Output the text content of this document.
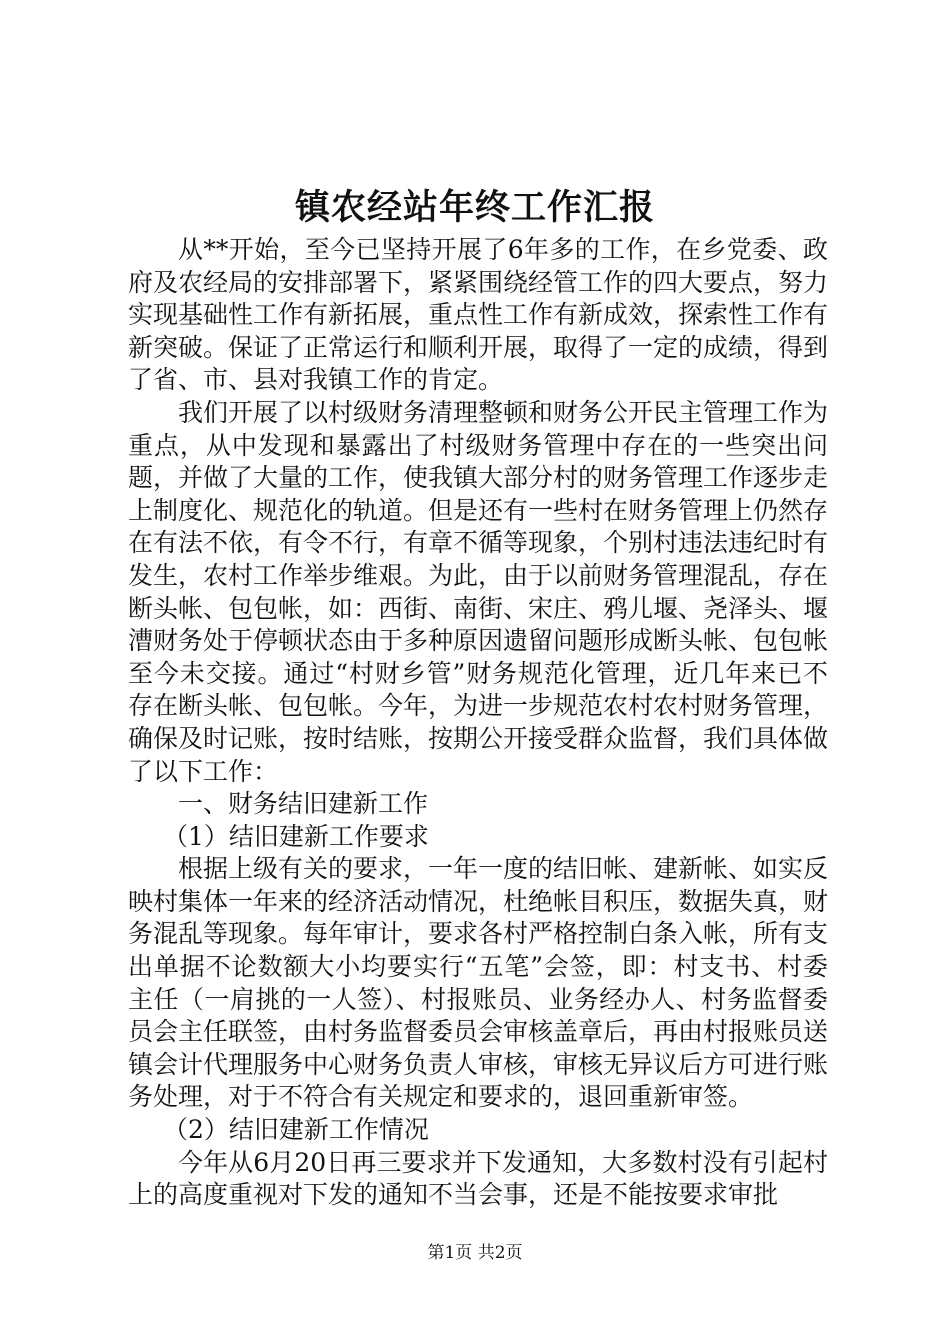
镇农经站年终工作汇报

从**开始，至今已坚持开展了6年多的工作，在乡党委、政府及农经局的安排部署下，紧紧围绕经管工作的四大要点，努力实现基础性工作有新拓展，重点性工作有新成效，探索性工作有新突破。保证了正常运行和顺利开展，取得了一定的成绩，得到了省、市、县对我镇工作的肯定。

我们开展了以村级财务清理整顿和财务公开民主管理工作为重点，从中发现和暴露出了村级财务管理中存在的一些突出问题，并做了大量的工作，使我镇大部分村的财务管理工作逐步走上制度化、规范化的轨道。但是还有一些村在财务管理上仍然存在有法不依，有令不行，有章不循等现象，个别村违法违纪时有发生，农村工作举步维艰。为此，由于以前财务管理混乱，存在断头帐、包包帐，如：西街、南街、宋庄、鸦儿堰、尧泽头、堰漕财务处于停顿状态由于多种原因遗留问题形成断头帐、包包帐至今未交接。通过“村财乡管”财务规范化管理，近几年来已不存在断头帐、包包帐。今年，为进一步规范农村农村财务管理，确保及时记账，按时结账，按期公开接受群众监督，我们具体做了以下工作：

一、财务结旧建新工作

（1）结旧建新工作要求

根据上级有关的要求，一年一度的结旧帐、建新帐、如实反映村集体一年来的经济活动情况，杜绝帐目积压，数据失真，财务混乱等现象。每年审计，要求各村严格控制白条入帐，所有支出单据不论数额大小均要实行“五笔”会签，即：村支书、村委主任（一肩挑的一人签）、村报账员、业务经办人、村务监督委员会主任联签，由村务监督委员会审核盖章后，再由村报账员送镇会计代理服务中心财务负责人审核，审核无异议后方可进行账务处理，对于不符合有关规定和要求的，退回重新审签。

（2）结旧建新工作情况

今年从6月20日再三要求并下发通知，大多数村没有引起村上的高度重视对下发的通知不当会事，还是不能按要求审批

第1页 共2页
